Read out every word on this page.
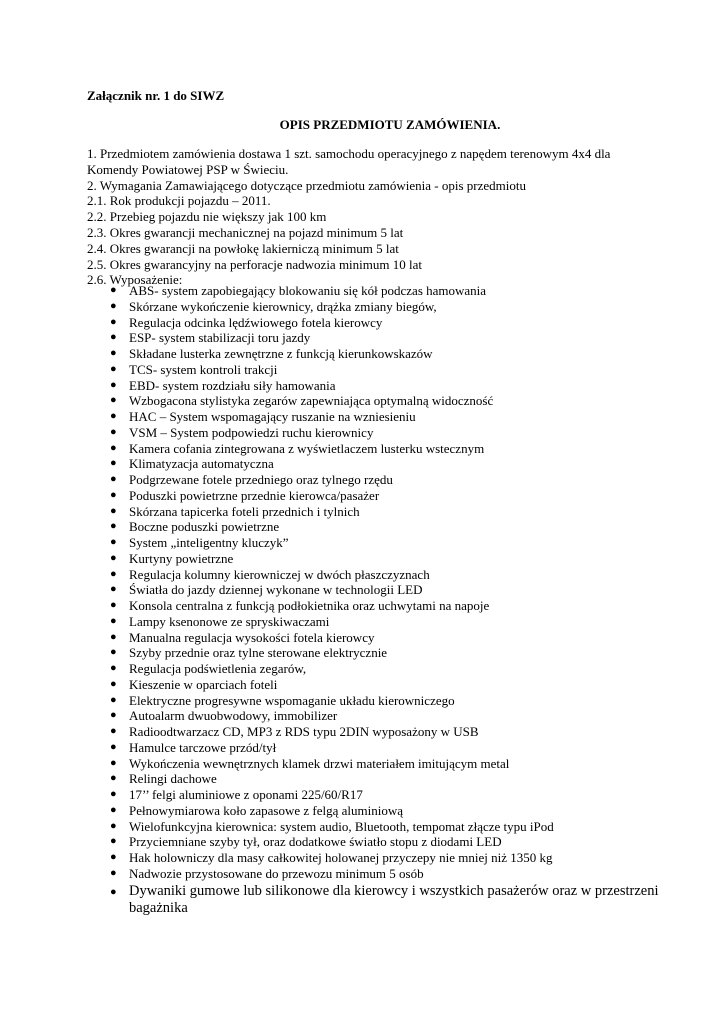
Załącznik nr. 1 do SIWZ
OPIS PRZEDMIOTU ZAMÓWIENIA.
1. Przedmiotem zamówienia dostawa 1 szt. samochodu operacyjnego z napędem terenowym 4x4 dla Komendy Powiatowej PSP w Świeciu.
2. Wymagania Zamawiającego dotyczące przedmiotu zamówienia - opis przedmiotu
2.1. Rok produkcji pojazdu – 2011.
2.2. Przebieg pojazdu nie większy jak 100 km
2.3. Okres gwarancji mechanicznej na pojazd minimum 5 lat
2.4. Okres gwarancji na powłokę lakierniczą minimum 5 lat
2.5. Okres gwarancyjny na perforacje nadwozia minimum 10 lat
2.6. Wyposażenie:
● ABS- system zapobiegający blokowaniu się kół podczas hamowania
● Skórzane wykończenie kierownicy, drążka zmiany biegów,
● Regulacja odcinka lędźwiowego fotela kierowcy
● ESP- system stabilizacji toru jazdy
● Składane lusterka zewnętrzne z funkcją kierunkowskazów
● TCS- system kontroli trakcji
● EBD- system rozdziału siły hamowania
● Wzbogacona stylistyka zegarów zapewniająca optymalną widoczność
● HAC – System wspomagający ruszanie na wzniesieniu
● VSM – System podpowiedzi ruchu kierownicy
● Kamera cofania zintegrowana z wyświetlaczem lusterku wstecznym
● Klimatyzacja automatyczna
● Podgrzewane fotele przedniego oraz tylnego rzędu
● Poduszki powietrzne przednie kierowca/pasażer
● Skórzana tapicerka foteli przednich i tylnich
● Boczne poduszki powietrzne
● System „inteligentny kluczyk”
● Kurtyny powietrzne
● Regulacja kolumny kierowniczej w dwóch płaszczyznach
● Światła do jazdy dziennej wykonane w technologii LED
● Konsola centralna z funkcją podłokietnika oraz uchwytami na napoje
● Lampy ksenonowe ze spryskiwaczami
● Manualna regulacja wysokości fotela kierowcy
● Szyby przednie oraz tylne sterowane elektrycznie
● Regulacja podświetlenia zegarów,
● Kieszenie w oparciach foteli
● Elektryczne progresywne wspomaganie układu kierowniczego
● Autoalarm dwuobwodowy, immobilizer
● Radioodtwarzacz CD, MP3 z RDS typu 2DIN wyposażony w USB
● Hamulce tarczowe przód/tył
● Wykończenia wewnętrznych klamek drzwi materiałem imitującym metal
● Relingi dachowe
● 17’’ felgi aluminiowe z oponami 225/60/R17
● Pełnowymiarowa koło zapasowe z felgą aluminiową
● Wielofunkcyjna kierownica: system audio, Bluetooth, tempomat złącze typu iPod
● Przyciemniane szyby tył, oraz dodatkowe światło stopu z diodami LED
● Hak holowniczy dla masy całkowitej holowanej przyczepy nie mniej niż 1350 kg
● Nadwozie przystosowane do przewozu minimum 5 osób
● Dywaniki gumowe lub silikonowe dla kierowcy i wszystkich pasażerów oraz w przestrzeni bagażnika
